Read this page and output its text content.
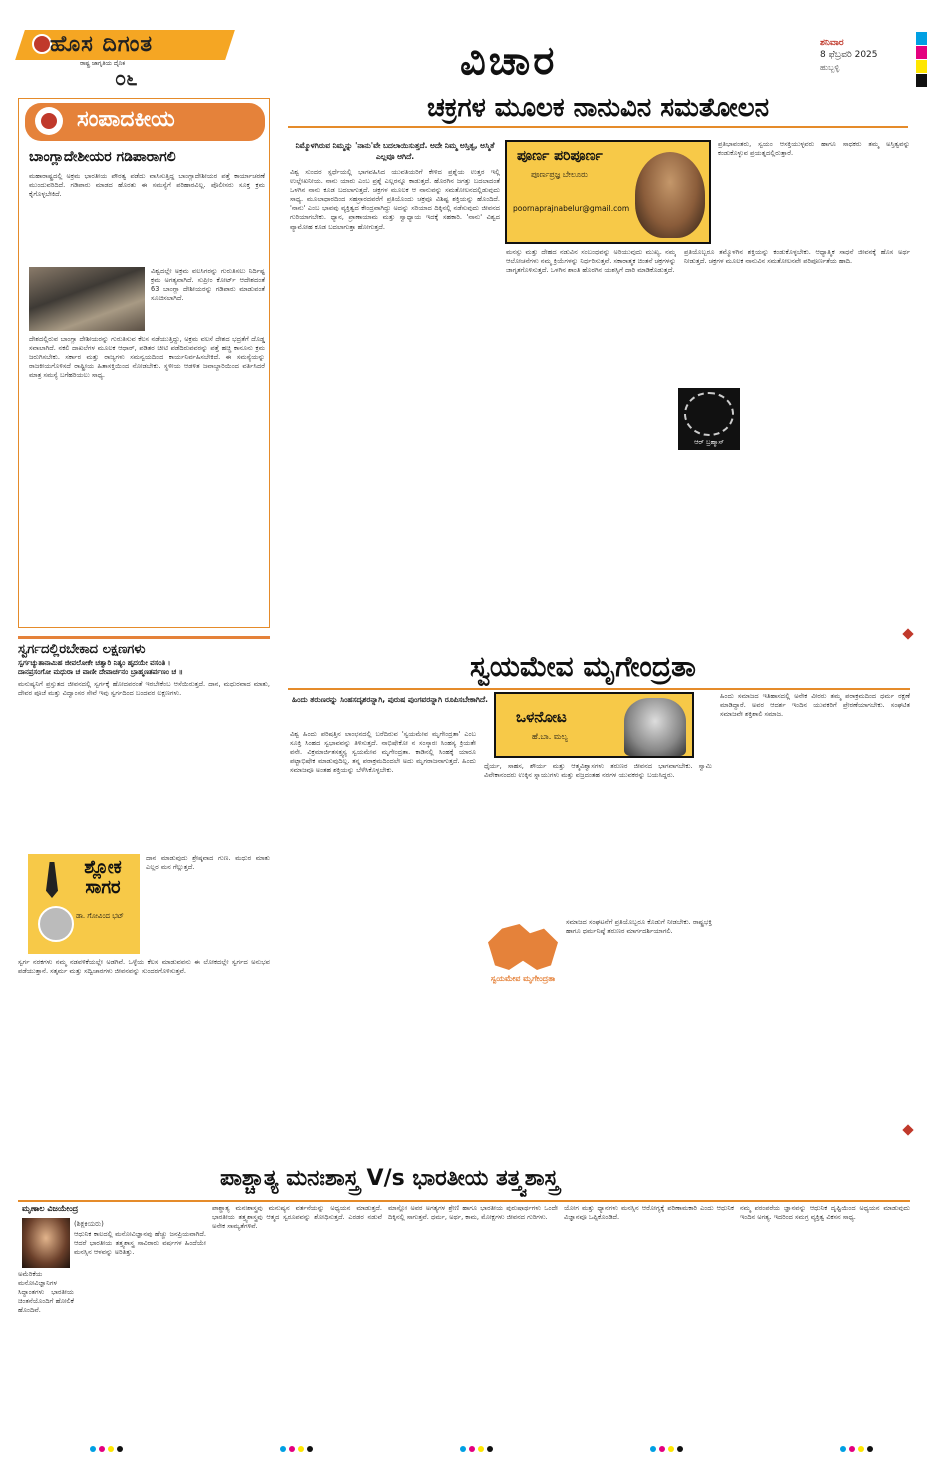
ಹೊಸ ದಿಗಂತ
ರಾಷ್ಟ್ರ ಜಾಗೃತಿಯ ದೈನಿಕ
೦೬	ವಿಚಾರ	ಶನಿವಾರ
8 ಫೆಬ್ರವರಿ 2025
ಹುಬ್ಬಳ್ಳಿ
ಸಂಪಾದಕೀಯ
ಬಾಂಗ್ಲಾದೇಶೀಯರ ಗಡಿಪಾರಾಗಲಿ
ಮಹಾರಾಷ್ಟ್ರದಲ್ಲಿ ಅಕ್ರಮ ಭಾರತೀಯ ಪೌರತ್ವ ಪಡೆದು ವಾಸಿಸುತ್ತಿದ್ದ ಬಾಂಗ್ಲಾದೇಶೀಯರ ಪತ್ತೆ ಕಾರ್ಯಾಚರಣೆ ಮುಂದುವರಿದಿದೆ. ಗಡಿಪಾರು ಮಾಡದ ಹೊರತು ಈ ಸಮಸ್ಯೆಗೆ ಪರಿಹಾರವಿಲ್ಲ. ಪೊಲೀಸರು ಸೂಕ್ತ ಕ್ರಮ ಕೈಗೊಳ್ಳಬೇಕಿದೆ.
ವಿಶ್ವದಲ್ಲೇ ಅಕ್ರಮ ವಲಸಿಗರನ್ನು ಗುರುತಿಸಲು ನಿರ್ದಿಷ್ಟ ಕ್ರಮ ಅಗತ್ಯವಾಗಿದೆ. ಸುಪ್ರೀಂ ಕೋರ್ಟ್ ಆದೇಶದಂತೆ 63 ಬಾಂಗ್ಲಾ ದೇಶೀಯರನ್ನು ಗಡಿಪಾರು ಮಾಡುವಂತೆ ಸೂಚಿಸಲಾಗಿದೆ.
ದೇಶದಲ್ಲಿರುವ ಬಾಂಗ್ಲಾ ದೇಶೀಯರನ್ನು ಗುರುತಿಸುವ ಕೆಲಸ ನಡೆಯುತ್ತಿದ್ದು, ಅಕ್ರಮ ವಲಸೆ ದೇಶದ ಭದ್ರತೆಗೆ ದೊಡ್ಡ ಸವಾಲಾಗಿದೆ. ನಕಲಿ ದಾಖಲೆಗಳ ಮೂಲಕ ಆಧಾರ್, ಪಡಿತರ ಚೀಟಿ ಪಡೆದಿರುವವರನ್ನು ಪತ್ತೆ ಹಚ್ಚಿ ಕಾನೂನು ಕ್ರಮ ಜರುಗಿಸಬೇಕು. ಸರ್ಕಾರ ಮತ್ತು ರಾಜ್ಯಗಳು ಸಮನ್ವಯದಿಂದ ಕಾರ್ಯನಿರ್ವಹಿಸಬೇಕಿದೆ. ಈ ಸಮಸ್ಯೆಯನ್ನು ರಾಜಕೀಯಗೊಳಿಸದೆ ರಾಷ್ಟ್ರೀಯ ಹಿತಾಸಕ್ತಿಯಿಂದ ನೋಡಬೇಕು. ಸ್ಥಳೀಯ ಆಡಳಿತ ಜವಾಬ್ದಾರಿಯಿಂದ ವರ್ತಿಸಿದರೆ ಮಾತ್ರ ಸಮಸ್ಯೆ ಬಗೆಹರಿಯಲು ಸಾಧ್ಯ.
ಸ್ವರ್ಗದಲ್ಲಿರಬೇಕಾದ ಲಕ್ಷಣಗಳು
ಸ್ವರ್ಗಚ್ಯುತಾನಾಮಿಹ ಜೀವಲೋಕೇ ಚತ್ವಾರಿ ನಿತ್ಯಂ ಹೃದಯೇ ವಸಂತಿ ।
ದಾನಪ್ರಸಂಗೋ ಮಧುರಾ ಚ ವಾಣೀ ದೇವಾರ್ಚನಂ ಬ್ರಾಹ್ಮಣತರ್ಪಣಂ ಚ ॥
ಮನುಷ್ಯನಿಗೆ ಪ್ರಸ್ತುತದ ಜೀವನದಲ್ಲಿ ಸ್ವರ್ಗಕ್ಕೆ ಹೋದವರಂತೆ ಇರಬೇಕೆಂಬ ಆಸೆಯಿರುತ್ತದೆ. ದಾನ, ಮಧುರವಾದ ಮಾತು, ದೇವರ ಪೂಜೆ ಮತ್ತು ವಿದ್ವಾಂಸರ ಸೇವೆ ಇವು ಸ್ವರ್ಗದಿಂದ ಬಂದವರ ಲಕ್ಷಣಗಳು.
ಶ್ಲೋಕ ಸಾಗರ
ಡಾ. ಗೋವಿಂದ ಭಟ್
ದಾನ ಮಾಡುವುದು ಶ್ರೇಷ್ಠವಾದ ಗುಣ. ಮಧುರ ಮಾತು ಎಲ್ಲರ ಮನ ಗೆಲ್ಲುತ್ತದೆ.
ಸ್ವರ್ಗ ನರಕಗಳು ನಮ್ಮ ನಡವಳಿಕೆಯಲ್ಲೇ ಅಡಗಿವೆ. ಒಳ್ಳೆಯ ಕೆಲಸ ಮಾಡುವವನು ಈ ಲೋಕದಲ್ಲೇ ಸ್ವರ್ಗದ ಅನುಭವ ಪಡೆಯುತ್ತಾನೆ. ಸತ್ಕರ್ಮ ಮತ್ತು ಸದ್ವಿಚಾರಗಳು ಜೀವನವನ್ನು ಸುಂದರಗೊಳಿಸುತ್ತವೆ.
ಚಕ್ರಗಳ ಮೂಲಕ ನಾನುವಿನ ಸಮತೋಲನ
ನಿಮ್ಮೊಳಗಿರುವ ನಿಮ್ಮನ್ನು 'ನಾನು'ವೇ ಬದಲಾಯಿಸುತ್ತದೆ. ಅದೇ ನಿಮ್ಮ ಅಸ್ತಿತ್ವ, ಅಸ್ಮಿತೆ ಎಲ್ಲವೂ ಆಗಿದೆ.	ಪೂರ್ಣ ಪರಿಪೂರ್ಣ
ಪೂರ್ಣಪ್ರಜ್ಞ ಬೇಲೂರು
poornaprajnabelur@gmail.com
ವಿಶ್ವ ಸುಂದರ ಸ್ಪರ್ಧೆಯಲ್ಲಿ ಭಾಗವಹಿಸಿದ ಯುವತಿಯರಿಗೆ ಕೇಳಿದ ಪ್ರಶ್ನೆಯ ಉತ್ತರ ಇಲ್ಲಿ ಉಲ್ಲೇಖನೀಯ. ನಾನು ಯಾರು ಎಂಬ ಪ್ರಶ್ನೆ ಎಲ್ಲರನ್ನೂ ಕಾಡುತ್ತದೆ. ಹೊರಗಿನ ಜಗತ್ತು ಬದಲಾದಂತೆ ಒಳಗಿನ ನಾನು ಕೂಡ ಬದಲಾಗುತ್ತದೆ. ಚಕ್ರಗಳ ಮೂಲಕ ಆ ನಾನುವನ್ನು ಸಮತೋಲನದಲ್ಲಿಡುವುದು ಸಾಧ್ಯ. ಮೂಲಾಧಾರದಿಂದ ಸಹಸ್ರಾರದವರೆಗೆ ಪ್ರತಿಯೊಂದು ಚಕ್ರವೂ ವಿಶಿಷ್ಟ ಶಕ್ತಿಯನ್ನು ಹೊಂದಿದೆ. 'ನಾನು' ಎಂಬ ಭಾವವು ವ್ಯಕ್ತಿತ್ವದ ಕೇಂದ್ರವಾಗಿದ್ದು ಅದನ್ನು ಸರಿಯಾದ ದಿಕ್ಕಿನಲ್ಲಿ ನಡೆಸುವುದು ಜೀವನದ ಗುರಿಯಾಗಬೇಕು. ಧ್ಯಾನ, ಪ್ರಾಣಾಯಾಮ ಮತ್ತು ಸ್ವಾಧ್ಯಾಯ ಇದಕ್ಕೆ ಸಹಕಾರಿ. 'ನಾನು' ವಿಶ್ವದ ವ್ಯಾಮೋಹ ಕೂಡ ಬದಲಾಗುತ್ತಾ ಹೋಗುತ್ತದೆ.
ಪ್ರತಿಭಾವಂತರು, ಸ್ವಯಂ ಆಸಕ್ತಿಯುಳ್ಳವರು ಹಾಗೂ ಸಾಧಕರು ತಮ್ಮ ಅಸ್ತಿತ್ವವನ್ನು ಕಂಡುಕೊಳ್ಳುವ ಪ್ರಯತ್ನದಲ್ಲಿರುತ್ತಾರೆ.
ಮನಸ್ಸು ಮತ್ತು ದೇಹದ ನಡುವಿನ ಸಂಬಂಧವನ್ನು ಅರಿಯುವುದು ಮುಖ್ಯ. ನಮ್ಮ ಆಲೋಚನೆಗಳು ನಮ್ಮ ಕ್ರಿಯೆಗಳನ್ನು ನಿರ್ಧರಿಸುತ್ತವೆ. ಸಕಾರಾತ್ಮಕ ಚಿಂತನೆ ಚಕ್ರಗಳನ್ನು ಜಾಗೃತಗೊಳಿಸುತ್ತದೆ. ಒಳಗಿನ ಶಾಂತಿ ಹೊರಗಿನ ಯಶಸ್ಸಿಗೆ ದಾರಿ ಮಾಡಿಕೊಡುತ್ತದೆ.
ಪ್ರತಿಯೊಬ್ಬರೂ ತಮ್ಮೊಳಗಿನ ಶಕ್ತಿಯನ್ನು ಕಂಡುಕೊಳ್ಳಬೇಕು. ಆಧ್ಯಾತ್ಮಿಕ ಸಾಧನೆ ಜೀವನಕ್ಕೆ ಹೊಸ ಅರ್ಥ ನೀಡುತ್ತದೆ. ಚಕ್ರಗಳ ಮೂಲಕ ನಾನುವಿನ ಸಮತೋಲನವೇ ಪರಿಪೂರ್ಣತೆಯ ಹಾದಿ.
ಆರ್ ಬ್ರಹ್ಮಾಸ್
ಸ್ವಯಮೇವ ಮೃಗೇಂದ್ರತಾ
ಹಿಂದು ತರುಣರನ್ನು ಸಿಂಹಸದೃಶರನ್ನಾಗಿ, ಪುರುಷ ಪುಂಗವರನ್ನಾಗಿ ರೂಪಿಸಬೇಕಾಗಿದೆ.
ಒಳನೋಟ
ಹೆ.ಬಾ. ಮಲ್ಯ
ವಿಶ್ವ ಹಿಂದು ಪರಿಷತ್ತಿನ ಲಾಂಛನದಲ್ಲಿ ಬರೆದಿರುವ 'ಸ್ವಯಮೇವ ಮೃಗೇಂದ್ರತಾ' ಎಂಬ ಸೂಕ್ತಿ ಸಿಂಹದ ಸ್ವಭಾವವನ್ನು ತಿಳಿಸುತ್ತದೆ. ನಾಭಿಷೇಕೋ ನ ಸಂಸ್ಕಾರಃ ಸಿಂಹಸ್ಯ ಕ್ರಿಯತೇ ವನೇ. ವಿಕ್ರಮಾರ್ಜಿತಸತ್ತ್ವಸ್ಯ ಸ್ವಯಮೇವ ಮೃಗೇಂದ್ರತಾ. ಕಾಡಿನಲ್ಲಿ ಸಿಂಹಕ್ಕೆ ಯಾರೂ ಪಟ್ಟಾಭಿಷೇಕ ಮಾಡುವುದಿಲ್ಲ. ತನ್ನ ಪರಾಕ್ರಮದಿಂದಲೇ ಅದು ಮೃಗರಾಜನಾಗುತ್ತದೆ. ಹಿಂದು ಸಮಾಜವೂ ಅಂತಹ ಶಕ್ತಿಯನ್ನು ಬೆಳೆಸಿಕೊಳ್ಳಬೇಕು.
ಧೈರ್ಯ, ಸಾಹಸ, ಶೌರ್ಯ ಮತ್ತು ಆತ್ಮವಿಶ್ವಾಸಗಳು ತರುಣರ ಜೀವನದ ಭಾಗವಾಗಬೇಕು. ಸ್ವಾಮಿ ವಿವೇಕಾನಂದರು ಉಕ್ಕಿನ ಸ್ನಾಯುಗಳು ಮತ್ತು ವಜ್ರದಂತಹ ನರಗಳ ಯುವಕರನ್ನು ಬಯಸಿದ್ದರು.
ಸ್ವಯಮೇವ ಮೃಗೇಂದ್ರತಾ
ಸಮಾಜದ ಸಂಘಟನೆಗೆ ಪ್ರತಿಯೊಬ್ಬರೂ ಕೊಡುಗೆ ನೀಡಬೇಕು. ರಾಷ್ಟ್ರಭಕ್ತಿ ಹಾಗೂ ಧರ್ಮನಿಷ್ಠೆ ತರುಣರ ಮಾರ್ಗದರ್ಶಿಯಾಗಲಿ.
ಹಿಂದು ಸಮಾಜದ ಇತಿಹಾಸದಲ್ಲಿ ಅನೇಕ ವೀರರು ತಮ್ಮ ಪರಾಕ್ರಮದಿಂದ ಧರ್ಮ ರಕ್ಷಣೆ ಮಾಡಿದ್ದಾರೆ. ಅವರ ಆದರ್ಶ ಇಂದಿನ ಯುವಕರಿಗೆ ಪ್ರೇರಣೆಯಾಗಬೇಕು. ಸಂಘಟಿತ ಸಮಾಜವೇ ಶಕ್ತಿಶಾಲಿ ಸಮಾಜ.
ಪಾಶ್ಚಾತ್ಯ ಮನಃಶಾಸ್ತ್ರ V/s ಭಾರತೀಯ ತತ್ತ್ವಶಾಸ್ತ್ರ
ಮೃಣಾಲ ವಿಜಯೇಂದ್ರ
(ಶಿಕ್ಷಕಿಯರು)
ಆಧುನಿಕ ಕಾಲದಲ್ಲಿ ಮನೋವಿಜ್ಞಾನವು ಹೆಚ್ಚು ಜನಪ್ರಿಯವಾಗಿದೆ. ಆದರೆ ಭಾರತೀಯ ತತ್ತ್ವಶಾಸ್ತ್ರ ಸಾವಿರಾರು ವರ್ಷಗಳ ಹಿಂದೆಯೇ ಮನಸ್ಸಿನ ಆಳವನ್ನು ಅರಿತಿತ್ತು.
ಅಮೆರಿಕೆಯ ಮನೋವಿಜ್ಞಾನಿಗಳ ಸಿದ್ಧಾಂತಗಳು ಭಾರತೀಯ ಚಿಂತನೆಯೊಂದಿಗೆ ಹೋಲಿಕೆ ಹೊಂದಿವೆ.
ಪಾಶ್ಚಾತ್ಯ ಮನಃಶಾಸ್ತ್ರವು ಮನುಷ್ಯನ ವರ್ತನೆಯನ್ನು ಅಧ್ಯಯನ ಮಾಡುತ್ತದೆ. ಭಾರತೀಯ ತತ್ತ್ವಶಾಸ್ತ್ರವು ಆತ್ಮದ ಸ್ವರೂಪವನ್ನು ಶೋಧಿಸುತ್ತದೆ. ಎರಡರ ನಡುವೆ ಅನೇಕ ಸಾಮ್ಯತೆಗಳಿವೆ.
ಮಾಸ್ಲೋ ಅವರ ಅಗತ್ಯಗಳ ಶ್ರೇಣಿ ಹಾಗೂ ಭಾರತೀಯ ಪುರುಷಾರ್ಥಗಳು ಒಂದೇ ದಿಕ್ಕಿನಲ್ಲಿ ಸಾಗುತ್ತವೆ. ಧರ್ಮ, ಅರ್ಥ, ಕಾಮ, ಮೋಕ್ಷಗಳು ಜೀವನದ ಗುರಿಗಳು.
ಯೋಗ ಮತ್ತು ಧ್ಯಾನಗಳು ಮನಸ್ಸಿನ ಆರೋಗ್ಯಕ್ಕೆ ಪರಿಣಾಮಕಾರಿ ಎಂದು ಆಧುನಿಕ ವಿಜ್ಞಾನವೂ ಒಪ್ಪಿಕೊಂಡಿದೆ.
ನಮ್ಮ ಪರಂಪರೆಯ ಜ್ಞಾನವನ್ನು ಆಧುನಿಕ ದೃಷ್ಟಿಯಿಂದ ಅಧ್ಯಯನ ಮಾಡುವುದು ಇಂದಿನ ಅಗತ್ಯ. ಇದರಿಂದ ಸಮಗ್ರ ವ್ಯಕ್ತಿತ್ವ ವಿಕಸನ ಸಾಧ್ಯ.
